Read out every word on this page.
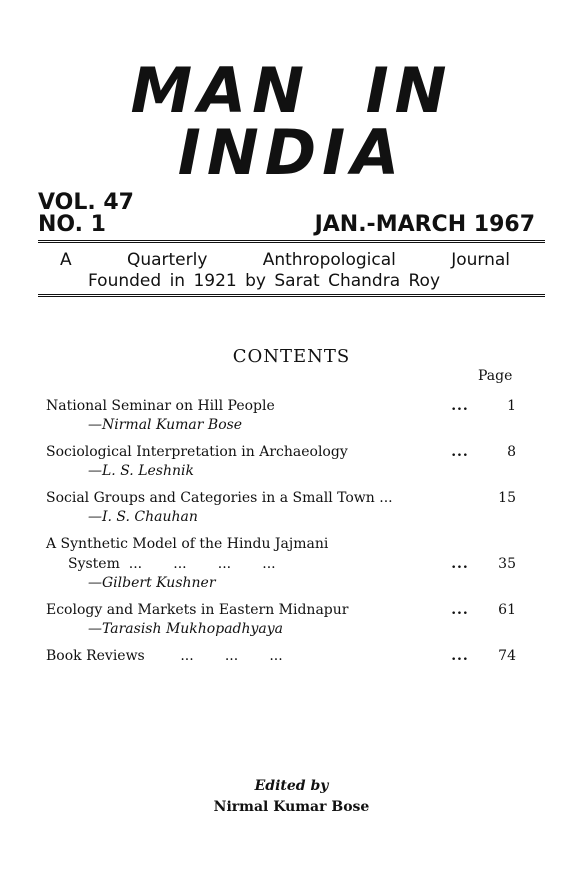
MAN IN INDIA
VOL. 47
NO. 1	JAN.-MARCH 1967
A	Quarterly	Anthropological	Journal
Founded in 1921 by Sarat Chandra Roy
CONTENTS
Page
National Seminar on Hill People	...	1
—Nirmal Kumar Bose
Sociological Interpretation in Archaeology	...	8
—L. S. Leshnik
Social Groups and Categories in a Small Town ...	15
—I. S. Chauhan
A Synthetic Model of the Hindu Jajmani
System  ...       ...       ...       ...	...	35
—Gilbert Kushner
Ecology and Markets in Eastern Midnapur	...	61
—Tarasish Mukhopadhyaya
Book Reviews        ...       ...       ...	...	74
Edited by
Nirmal Kumar Bose
